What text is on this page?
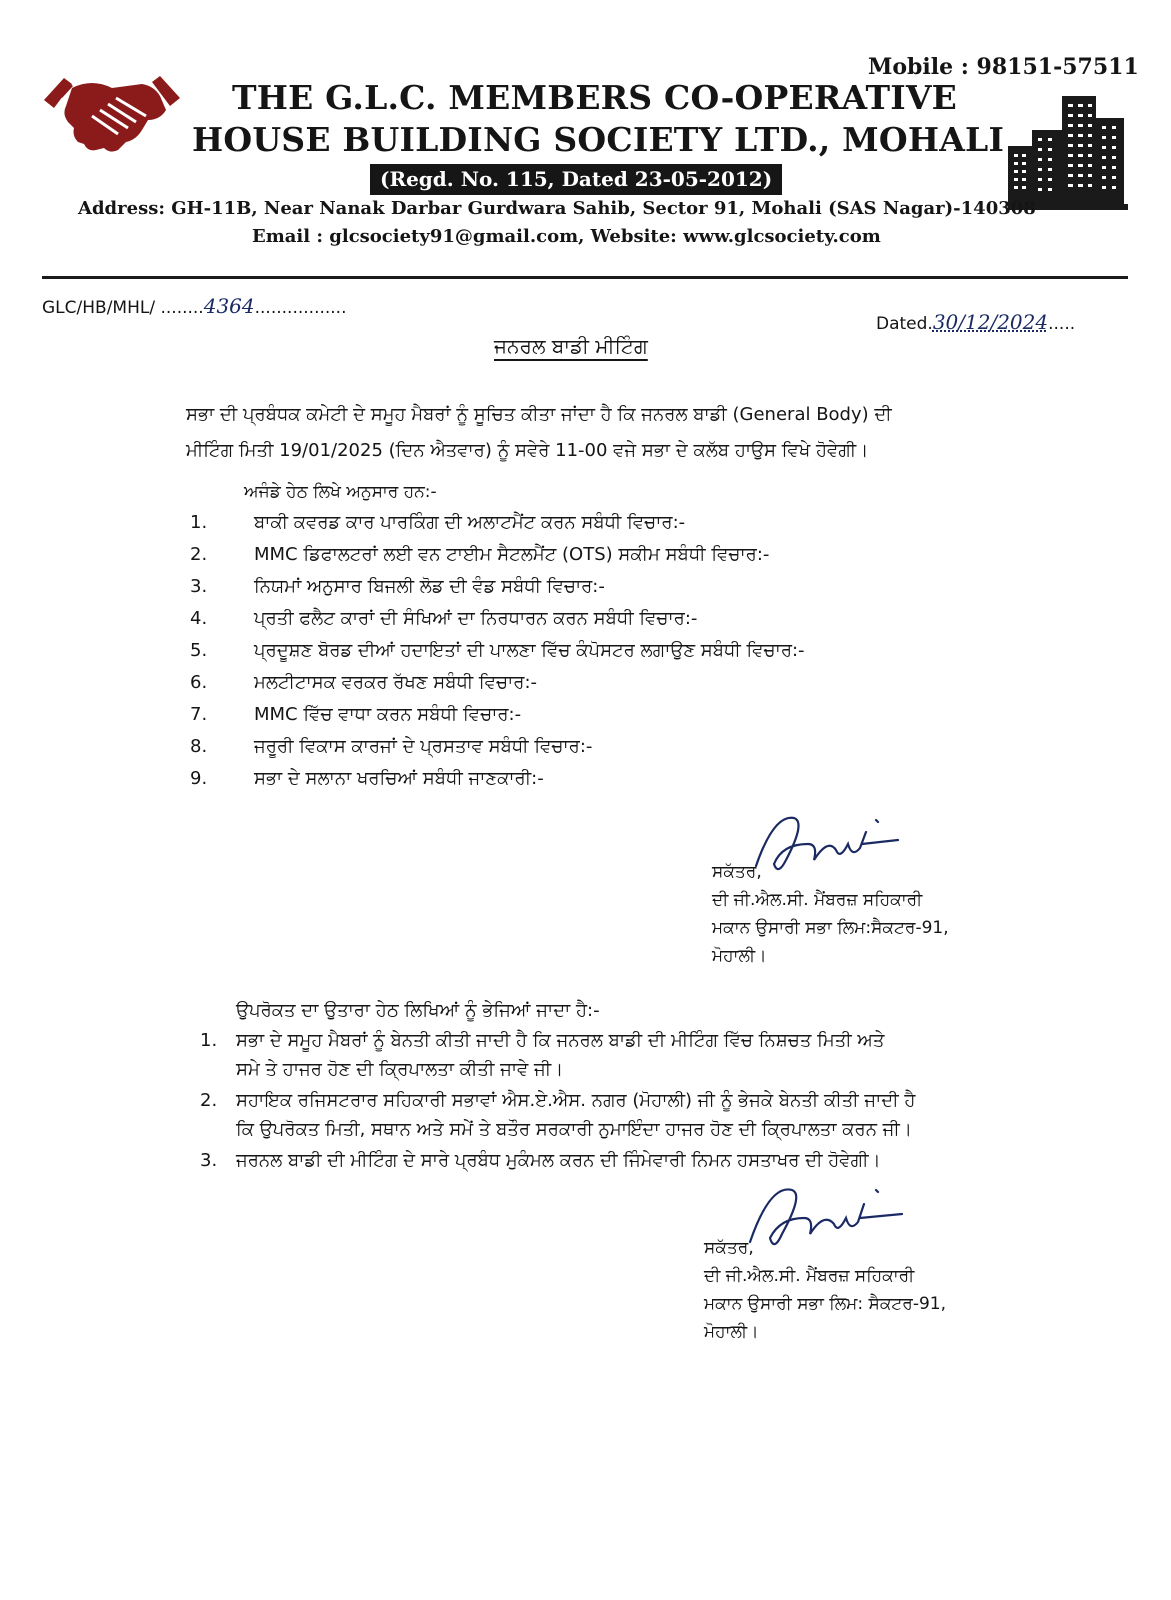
Mobile : 98151-57511
THE G.L.C. MEMBERS CO-OPERATIVE
HOUSE BUILDING SOCIETY LTD., MOHALI
(Regd. No. 115, Dated 23-05-2012)
Address: GH-11B, Near Nanak Darbar Gurdwara Sahib, Sector 91, Mohali (SAS Nagar)-140308
Email : glcsociety91@gmail.com, Website: www.glcsociety.com
GLC/HB/MHL/ ........4364.................
Dated.30/12/2024.....
ਜਨਰਲ ਬਾਡੀ ਮੀਟਿੰਗ
ਸਭਾ ਦੀ ਪ੍ਰਬੰਧਕ ਕਮੇਟੀ ਦੇ ਸਮੂਹ ਮੈਬਰਾਂ ਨੂੰ ਸੂਚਿਤ ਕੀਤਾ ਜਾਂਦਾ ਹੈ ਕਿ ਜਨਰਲ ਬਾਡੀ (General Body) ਦੀ
ਮੀਟਿੰਗ ਮਿਤੀ 19/01/2025 (ਦਿਨ ਐਤਵਾਰ) ਨੂੰ ਸਵੇਰੇ 11-00 ਵਜੇ ਸਭਾ ਦੇ ਕਲੱਬ ਹਾਉਸ ਵਿਖੇ ਹੋਵੇਗੀ।
ਅਜੰਡੇ ਹੇਠ ਲਿਖੇ ਅਨੁਸਾਰ ਹਨ:-
1.	ਬਾਕੀ ਕਵਰਡ ਕਾਰ ਪਾਰਕਿੰਗ ਦੀ ਅਲਾਟਮੈਂਟ ਕਰਨ ਸਬੰਧੀ ਵਿਚਾਰ:-
2.	MMC ਡਿਫਾਲਟਰਾਂ ਲਈ ਵਨ ਟਾਈਮ ਸੈਟਲਮੈਂਟ (OTS) ਸਕੀਮ ਸਬੰਧੀ ਵਿਚਾਰ:-
3.	ਨਿਯਮਾਂ ਅਨੁਸਾਰ ਬਿਜਲੀ ਲੋਡ ਦੀ ਵੰਡ ਸਬੰਧੀ ਵਿਚਾਰ:-
4.	ਪ੍ਰਤੀ ਫਲੈਟ ਕਾਰਾਂ ਦੀ ਸੰਖਿਆਂ ਦਾ ਨਿਰਧਾਰਨ ਕਰਨ ਸਬੰਧੀ ਵਿਚਾਰ:-
5.	ਪ੍ਰਦੂਸ਼ਣ ਬੋਰਡ ਦੀਆਂ ਹਦਾਇਤਾਂ ਦੀ ਪਾਲਣਾ ਵਿੱਚ ਕੰਪੋਸਟਰ ਲਗਾਉਣ ਸਬੰਧੀ ਵਿਚਾਰ:-
6.	ਮਲਟੀਟਾਸਕ ਵਰਕਰ ਰੱਖਣ ਸਬੰਧੀ ਵਿਚਾਰ:-
7.	MMC ਵਿੱਚ ਵਾਧਾ ਕਰਨ ਸਬੰਧੀ ਵਿਚਾਰ:-
8.	ਜਰੂਰੀ ਵਿਕਾਸ ਕਾਰਜਾਂ ਦੇ ਪ੍ਰਸਤਾਵ ਸਬੰਧੀ ਵਿਚਾਰ:-
9.	ਸਭਾ ਦੇ ਸਲਾਨਾ ਖਰਚਿਆਂ ਸਬੰਧੀ ਜਾਣਕਾਰੀ:-
ਸਕੱਤਰ,
ਦੀ ਜੀ.ਐਲ.ਸੀ. ਮੈਂਬਰਜ਼ ਸਹਿਕਾਰੀ
ਮਕਾਨ ਉਸਾਰੀ ਸਭਾ ਲਿਮ:ਸੈਕਟਰ-91,
ਮੋਹਾਲੀ।
ਉਪਰੋਕਤ ਦਾ ਉਤਾਰਾ ਹੇਠ ਲਿਖਿਆਂ ਨੂੰ ਭੇਜਿਆਂ ਜਾਦਾ ਹੈ:-
1. ਸਭਾ ਦੇ ਸਮੂਹ ਮੈਬਰਾਂ ਨੂੰ ਬੇਨਤੀ ਕੀਤੀ ਜਾਦੀ ਹੈ ਕਿ ਜਨਰਲ ਬਾਡੀ ਦੀ ਮੀਟਿੰਗ ਵਿੱਚ ਨਿਸ਼ਚਤ ਮਿਤੀ ਅਤੇ
ਸਮੇ ਤੇ ਹਾਜਰ ਹੋਣ ਦੀ ਕ੍ਰਿਪਾਲਤਾ ਕੀਤੀ ਜਾਵੇ ਜੀ।
2. ਸਹਾਇਕ ਰਜਿਸਟਰਾਰ ਸਹਿਕਾਰੀ ਸਭਾਵਾਂ ਐਸ.ਏ.ਐਸ. ਨਗਰ (ਮੋਹਾਲੀ) ਜੀ ਨੂੰ ਭੇਜਕੇ ਬੇਨਤੀ ਕੀਤੀ ਜਾਦੀ ਹੈ
ਕਿ ਉਪਰੋਕਤ ਮਿਤੀ, ਸਥਾਨ ਅਤੇ ਸਮੇਂ ਤੇ ਬਤੌਰ ਸਰਕਾਰੀ ਨੁਮਾਇੰਦਾ ਹਾਜਰ ਹੋਣ ਦੀ ਕ੍ਰਿਪਾਲਤਾ ਕਰਨ ਜੀ।
3. ਜਰਨਲ ਬਾਡੀ ਦੀ ਮੀਟਿੰਗ ਦੇ ਸਾਰੇ ਪ੍ਰਬੰਧ ਮੁਕੰਮਲ ਕਰਨ ਦੀ ਜਿੰਮੇਵਾਰੀ ਨਿਮਨ ਹਸਤਾਖਰ ਦੀ ਹੋਵੇਗੀ।
ਸਕੱਤਰ,
ਦੀ ਜੀ.ਐਲ.ਸੀ. ਮੈਂਬਰਜ਼ ਸਹਿਕਾਰੀ
ਮਕਾਨ ਉਸਾਰੀ ਸਭਾ ਲਿਮ: ਸੈਕਟਰ-91,
ਮੋਹਾਲੀ।
